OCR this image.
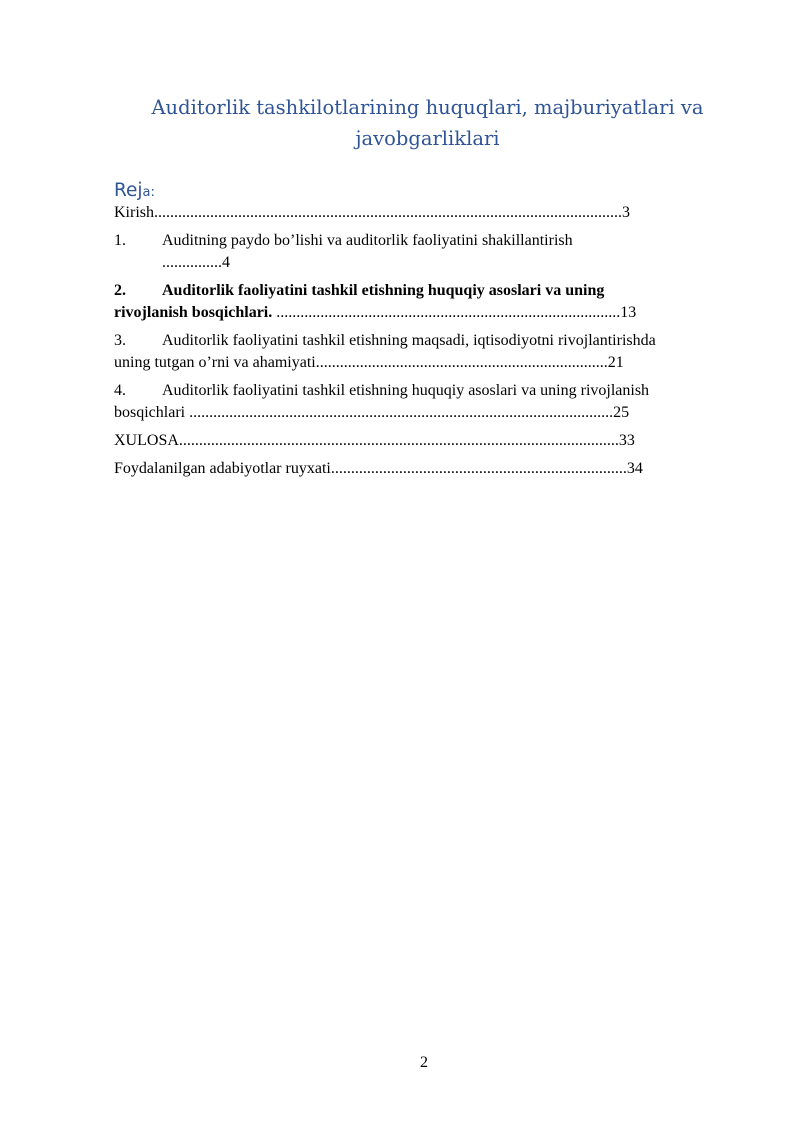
Auditorlik tashkilotlarining huquqlari, majburiyatlari va
javobgarliklari
Reja:
Kirish.....................................................................................................................3
1. Auditning paydo bo’lishi va auditorlik faoliyatini shakillantirish
...............4
2. Auditorlik faoliyatini tashkil etishning huquqiy asoslari va uning
rivojlanish bosqichlari. ......................................................................................13
3. Auditorlik faoliyatini tashkil etishning maqsadi, iqtisodiyotni rivojlantirishda
uning tutgan o’rni va ahamiyati.........................................................................21
4. Auditorlik faoliyatini tashkil etishning huquqiy asoslari va uning rivojlanish
bosqichlari ..........................................................................................................25
XULOSA..............................................................................................................33
Foydalanilgan adabiyotlar ruyxati..........................................................................34
2
